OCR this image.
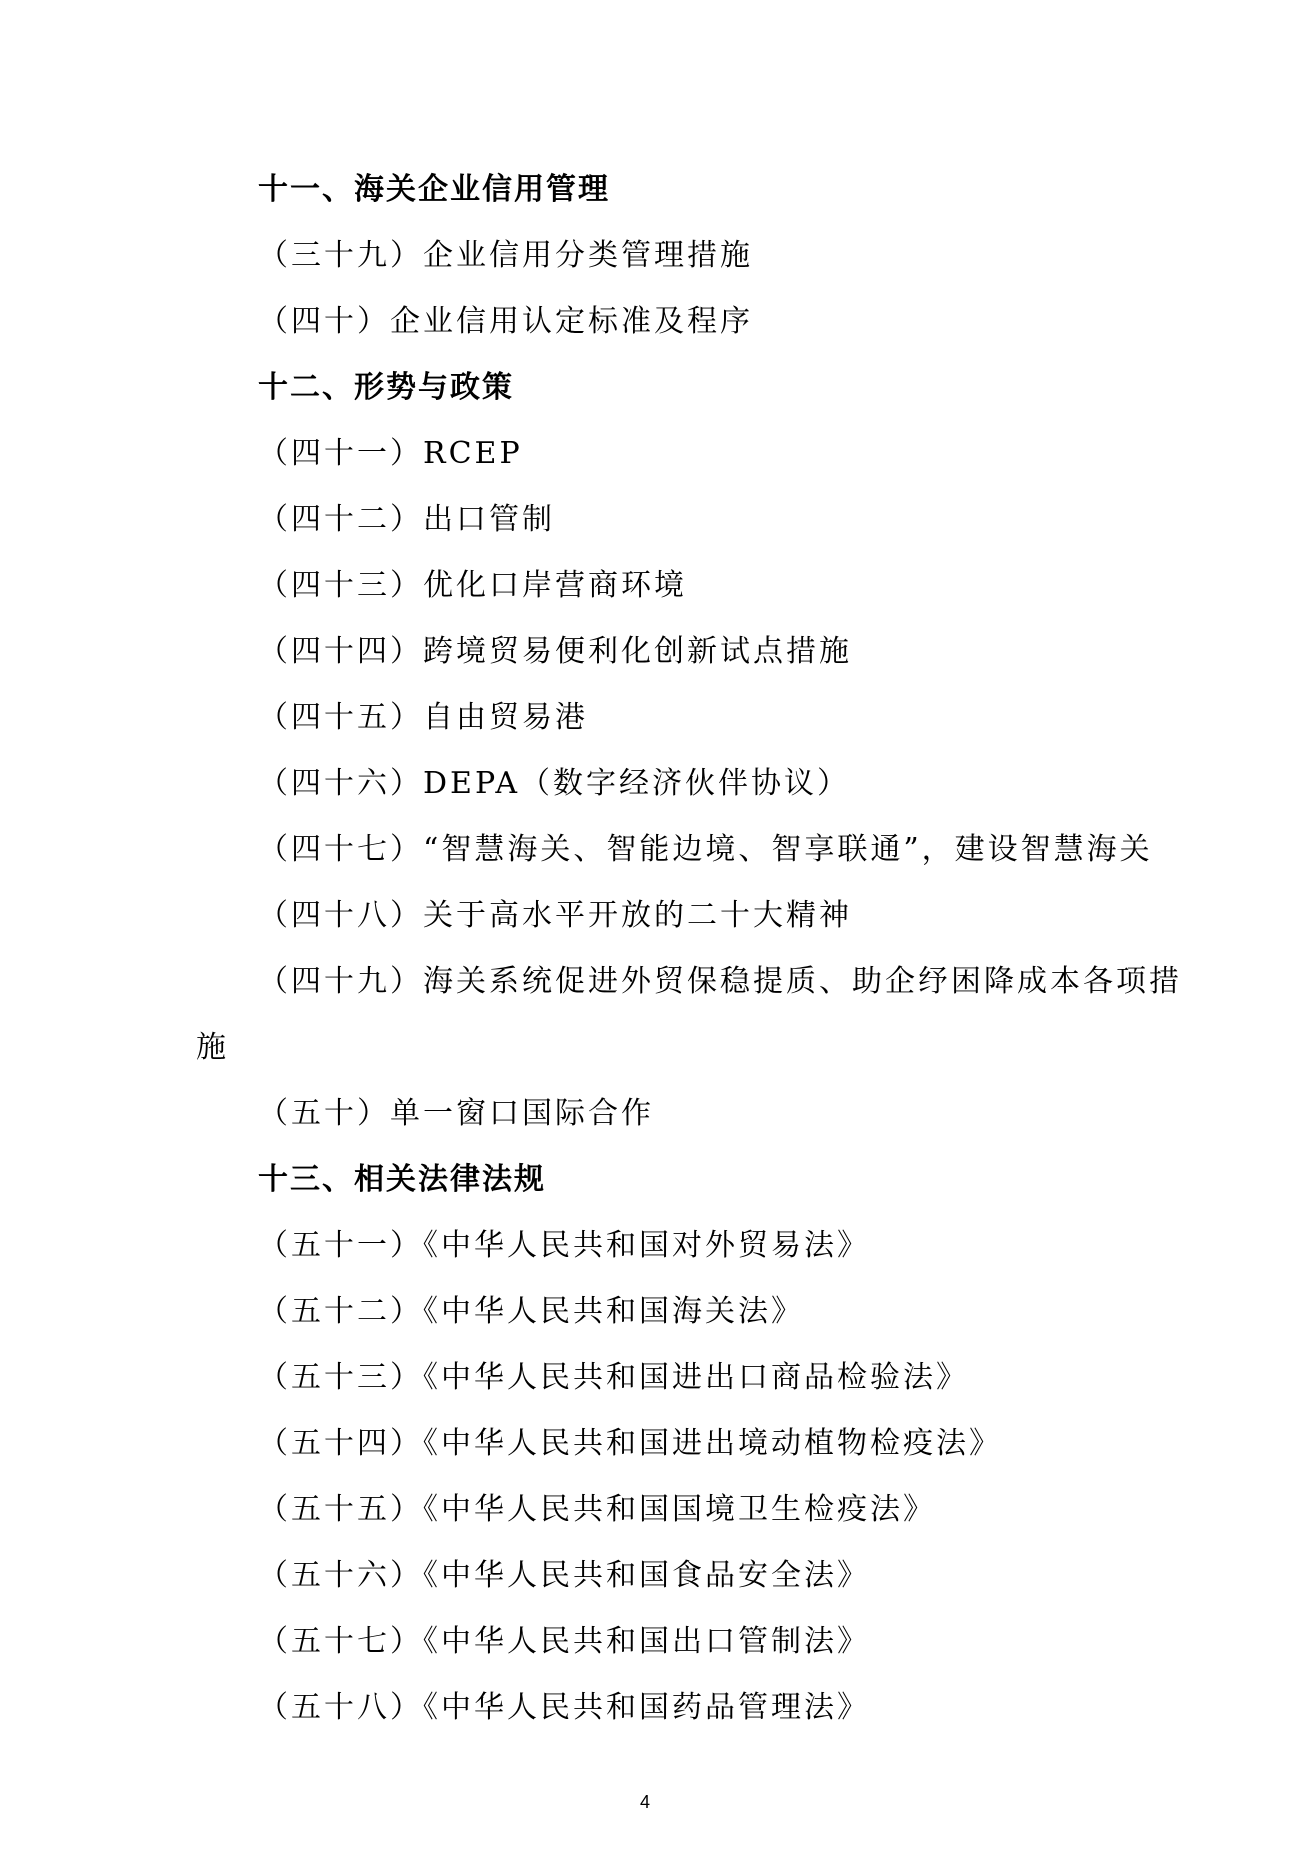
十一、海关企业信用管理
（三十九）企业信用分类管理措施
（四十）企业信用认定标准及程序
十二、形势与政策
（四十一）RCEP
（四十二）出口管制
（四十三）优化口岸营商环境
（四十四）跨境贸易便利化创新试点措施
（四十五）自由贸易港
（四十六）DEPA（数字经济伙伴协议）
（四十七）“智慧海关、智能边境、智享联通”，建设智慧海关
（四十八）关于高水平开放的二十大精神
（四十九）海关系统促进外贸保稳提质、助企纾困降成本各项措
施
（五十）单一窗口国际合作
十三、相关法律法规
（五十一）《中华人民共和国对外贸易法》
（五十二）《中华人民共和国海关法》
（五十三）《中华人民共和国进出口商品检验法》
（五十四）《中华人民共和国进出境动植物检疫法》
（五十五）《中华人民共和国国境卫生检疫法》
（五十六）《中华人民共和国食品安全法》
（五十七）《中华人民共和国出口管制法》
（五十八）《中华人民共和国药品管理法》
4
